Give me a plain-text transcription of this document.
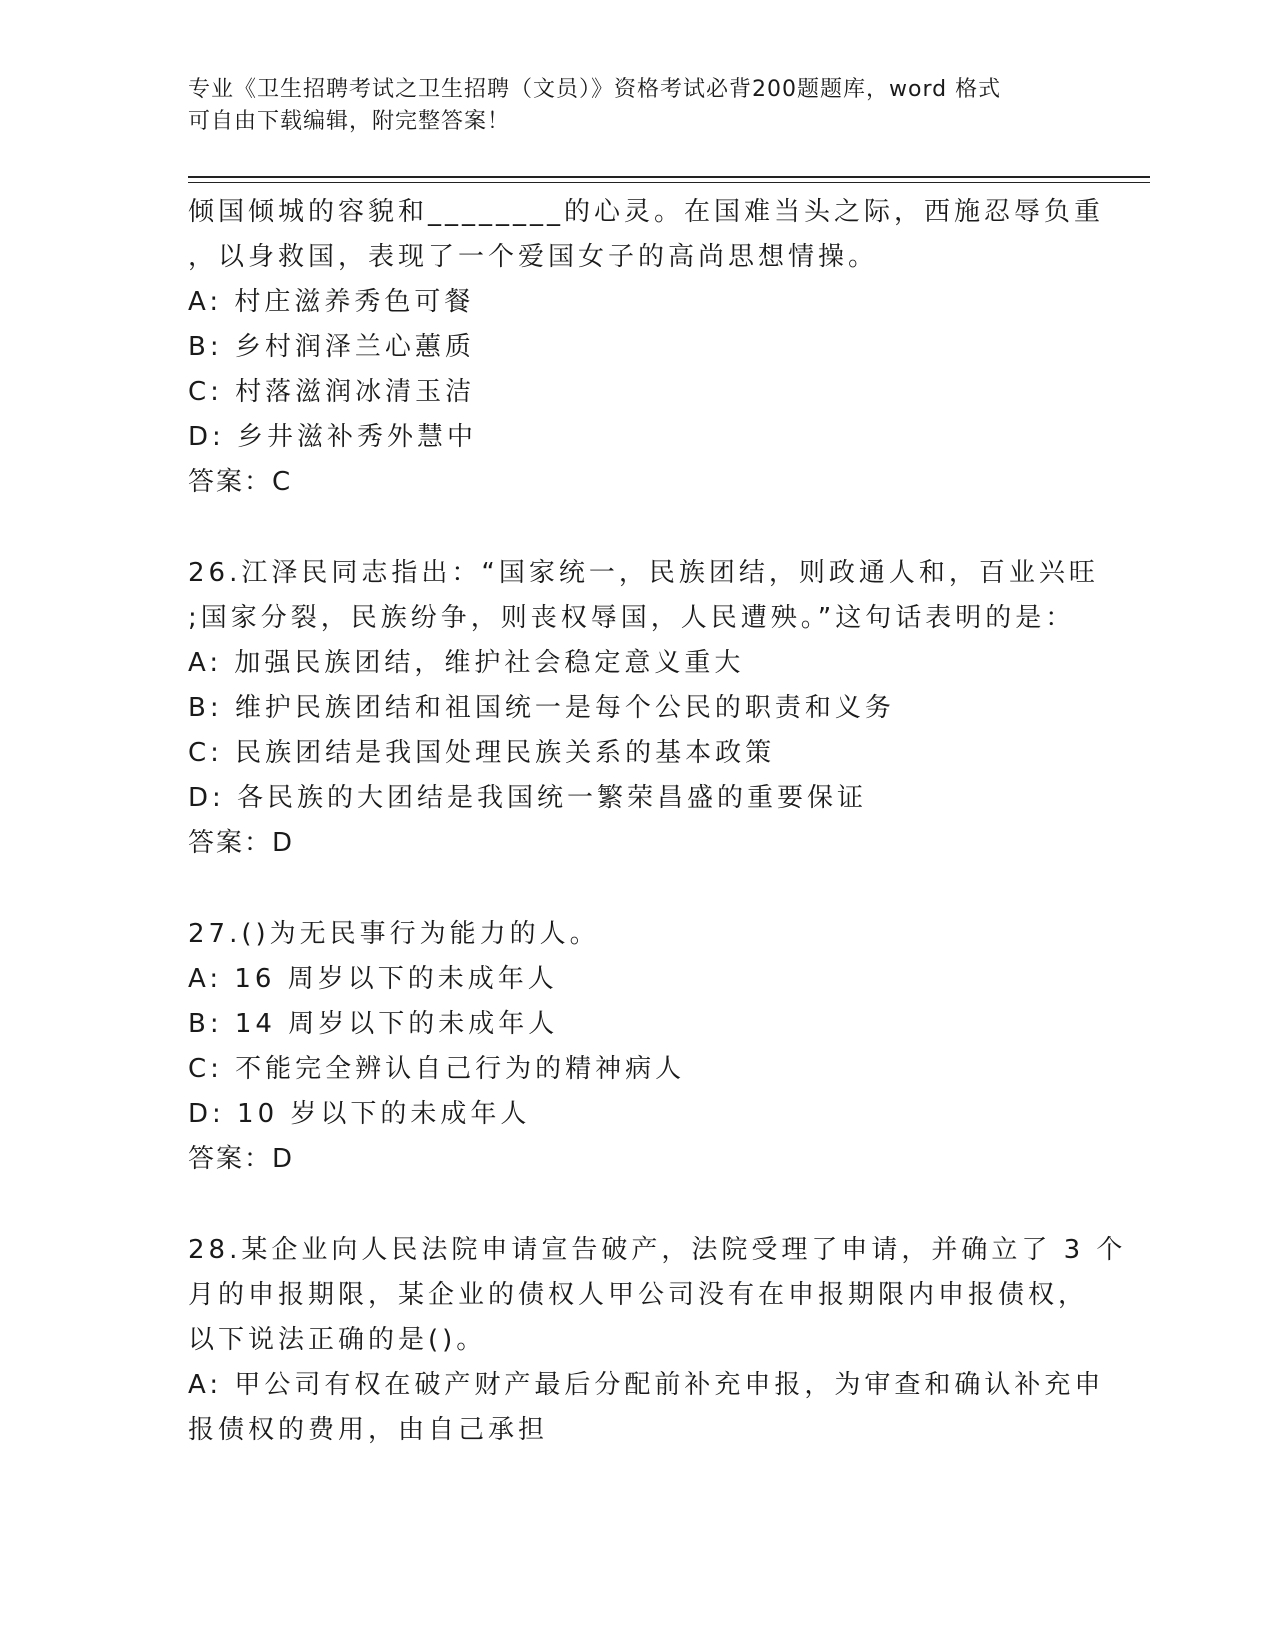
专业《卫生招聘考试之卫生招聘（文员）》资格考试必背200题题库，word 格式
可自由下载编辑，附完整答案！
倾国倾城的容貌和________的心灵。在国难当头之际，西施忍辱负重
，以身救国，表现了一个爱国女子的高尚思想情操。
A: 村庄滋养秀色可餐
B: 乡村润泽兰心蕙质
C: 村落滋润冰清玉洁
D: 乡井滋补秀外慧中
答案：C
26.江泽民同志指出：“国家统一，民族团结，则政通人和，百业兴旺
;国家分裂，民族纷争，则丧权辱国，人民遭殃。”这句话表明的是：
A: 加强民族团结，维护社会稳定意义重大
B: 维护民族团结和祖国统一是每个公民的职责和义务
C: 民族团结是我国处理民族关系的基本政策
D: 各民族的大团结是我国统一繁荣昌盛的重要保证
答案：D
27.()为无民事行为能力的人。
A: 16 周岁以下的未成年人
B: 14 周岁以下的未成年人
C: 不能完全辨认自己行为的精神病人
D: 10 岁以下的未成年人
答案：D
28.某企业向人民法院申请宣告破产，法院受理了申请，并确立了 3 个
月的申报期限，某企业的债权人甲公司没有在申报期限内申报债权，
以下说法正确的是()。
A: 甲公司有权在破产财产最后分配前补充申报，为审查和确认补充申
报债权的费用，由自己承担
